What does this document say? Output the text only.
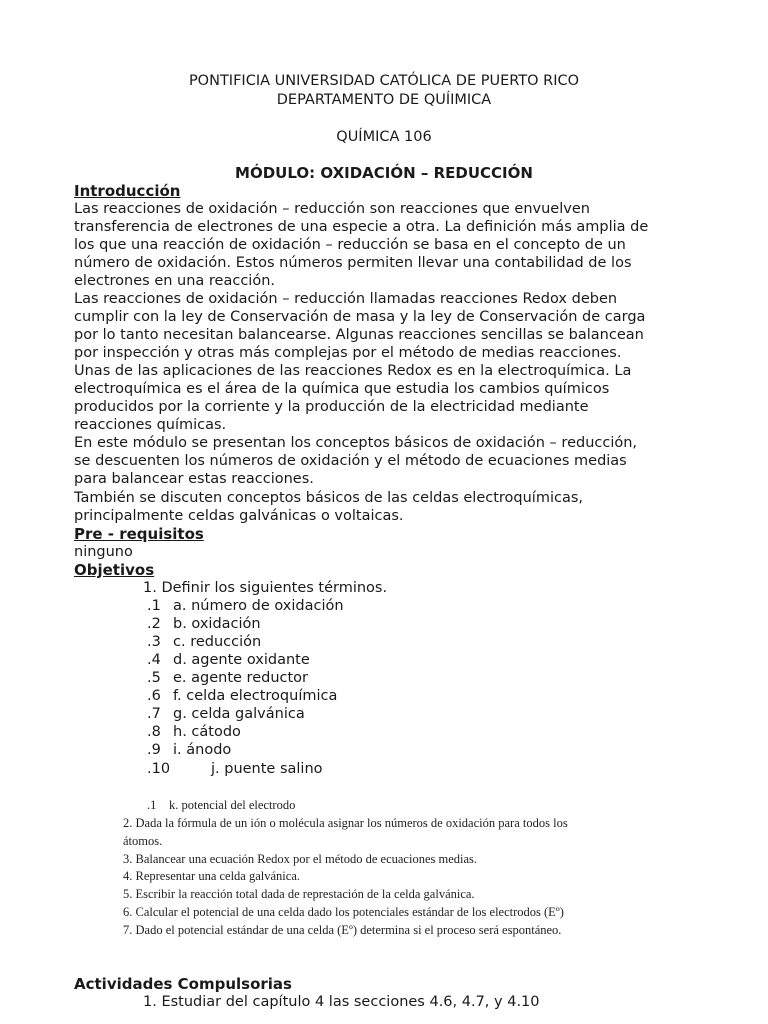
PONTIFICIA UNIVERSIDAD CATÓLICA DE PUERTO RICO
DEPARTAMENTO DE QUÍIMICA
QUÍMICA 106
MÓDULO: OXIDACIÓN – REDUCCIÓN
Introducción
Las reacciones de oxidación – reducción son reacciones que envuelven
transferencia de electrones de una especie a otra. La definición más amplia de
los que una reacción de oxidación – reducción se basa en el concepto de un
número de oxidación. Estos números permiten llevar una contabilidad de los
electrones en una reacción.
Las reacciones de oxidación – reducción llamadas reacciones Redox deben
cumplir con la ley de Conservación de masa y la ley de Conservación de carga
por lo tanto necesitan balancearse. Algunas reacciones sencillas se balancean
por inspección y otras más complejas por el método de medias reacciones.
Unas de las aplicaciones de las reacciones Redox es en la electroquímica. La
electroquímica es el área de la química que estudia los cambios químicos
producidos por la corriente y la producción de la electricidad mediante
reacciones químicas.
En este módulo se presentan los conceptos básicos de oxidación – reducción,
se descuenten los números de oxidación y el método de ecuaciones medias
para balancear estas reacciones.
También se discuten conceptos básicos de las celdas electroquímicas,
principalmente celdas galvánicas o voltaicas.
Pre - requisitos
ninguno
Objetivos
1. Definir los siguientes términos.
.1 a. número de oxidación
.2 b. oxidación
.3 c. reducción
.4 d. agente oxidante
.5 e. agente reductor
.6 f. celda electroquímica
.7 g. celda galvánica
.8 h. cátodo
.9 i. ánodo
.10	j. puente salino
.1 k. potencial del electrodo
2. Dada la fórmula de un ión o molécula asignar los números de oxidación para todos los
átomos.
3. Balancear una ecuación Redox por el método de ecuaciones medias.
4. Representar una celda galvánica.
5. Escribir la reacción total dada de represtación de la celda galvánica.
6. Calcular el potencial de una celda dado los potenciales estándar de los electrodos (Eº)
7. Dado el potencial estándar de una celda (Eº) determina si el proceso será espontáneo.
Actividades Compulsorias
1. Estudiar del capítulo 4 las secciones 4.6, 4.7, y 4.10
